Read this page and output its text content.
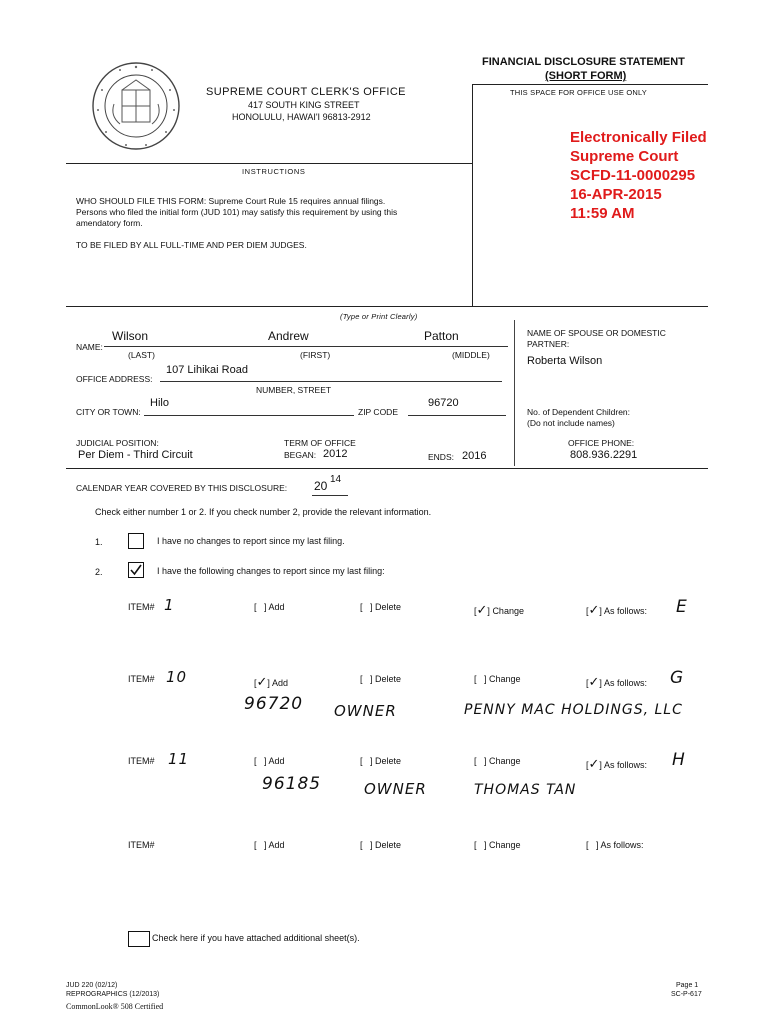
FINANCIAL DISCLOSURE STATEMENT
(SHORT FORM)
THIS SPACE FOR OFFICE USE ONLY
SUPREME COURT CLERK'S OFFICE
417 SOUTH KING STREET
HONOLULU, HAWAI'I 96813-2912
Electronically Filed
Supreme Court
SCFD-11-0000295
16-APR-2015
11:59 AM
INSTRUCTIONS
WHO SHOULD FILE THIS FORM: Supreme Court Rule 15 requires annual filings.
Persons who filed the initial form (JUD 101) may satisfy this requirement by using this
amendatory form.
TO BE FILED BY ALL FULL-TIME AND PER DIEM JUDGES.
(Type or Print Clearly)
Wilson	Andrew	Patton
NAME:
(LAST)	(FIRST)	(MIDDLE)
NAME OF SPOUSE OR DOMESTIC
PARTNER:
Roberta Wilson
107 Lihikai Road
OFFICE ADDRESS:
NUMBER, STREET
Hilo	96720
CITY OR TOWN:	ZIP CODE	No. of Dependent Children:
(Do not include names)
JUDICIAL POSITION:
Per Diem - Third Circuit
TERM OF OFFICE
BEGAN: 2012	ENDS: 2016
OFFICE PHONE:
808.936.2291
CALENDAR YEAR COVERED BY THIS DISCLOSURE: 20 14
Check either number 1 or 2. If you check number 2, provide the relevant information.
1.	I have no changes to report since my last filing.
2.	I have the following changes to report since my last filing:
ITEM# 1	[   ] Add	[   ] Delete	[✓] Change	[✓] As follows: E
ITEM# 10	[✓] Add	[   ] Delete	[   ] Change	[✓] As follows: G
96720 OWNER	PENNY MAC HOLDINGS, LLC
ITEM# 11	[   ] Add	[   ] Delete	[   ] Change	[✓] As follows: H
96185	OWNER	THOMAS TAN
ITEM#	[   ] Add	[   ] Delete	[   ] Change	[   ] As follows:
Check here if you have attached additional sheet(s).
JUD 220 (02/12)
REPROGRAPHICS (12/2013)
CommonLook® 508 Certified
Page 1
SC-P-617
